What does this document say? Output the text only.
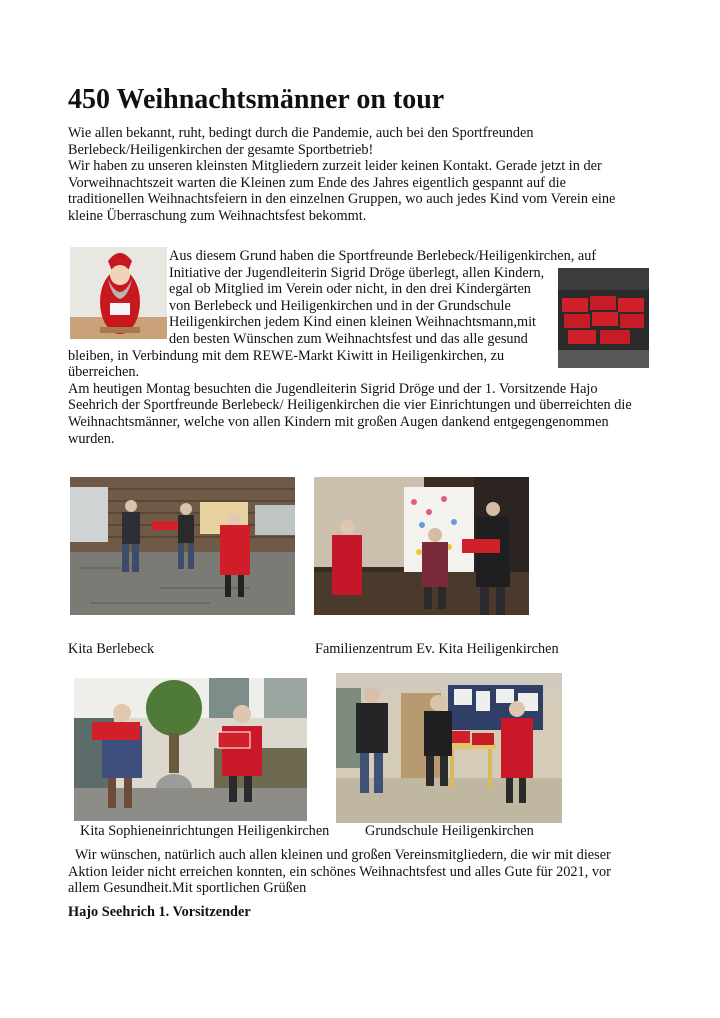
450 Weihnachtsmänner on tour
Wie allen bekannt, ruht, bedingt durch die Pandemie, auch bei den Sportfreunden
Berlebeck/Heiligenkirchen der gesamte Sportbetrieb!
Wir haben zu unseren kleinsten Mitgliedern zurzeit leider keinen Kontakt. Gerade jetzt in der
Vorweihnachtszeit warten die Kleinen zum Ende des Jahres eigentlich gespannt auf die
traditionellen Weihnachtsfeiern in den einzelnen Gruppen, wo auch jedes Kind vom Verein eine
kleine Überraschung zum Weihnachtsfest bekommt.
Aus diesem Grund haben die Sportfreunde Berlebeck/Heiligenkirchen, auf
Initiative der Jugendleiterin Sigrid Dröge überlegt, allen Kindern,
egal ob Mitglied im Verein oder nicht, in den drei Kindergärten
von Berlebeck und Heiligenkirchen und in der Grundschule
Heiligenkirchen jedem Kind einen kleinen Weihnachtsmann,mit
den besten Wünschen zum Weihnachtsfest und das alle gesund
bleiben, in Verbindung mit dem REWE-Markt Kiwitt in Heiligenkirchen, zu
überreichen.
Am heutigen Montag besuchten die Jugendleiterin Sigrid Dröge und der 1. Vorsitzende Hajo
Seehrich der Sportfreunde Berlebeck/ Heiligenkirchen die vier Einrichtungen und überreichten die
Weihnachtsmänner, welche von allen Kindern mit großen Augen dankend entgegengenommen
wurden.
Kita Berlebeck	Familienzentrum Ev. Kita Heiligenkirchen
Kita Sophieneinrichtungen Heiligenkirchen Grundschule Heiligenkirchen
Wir wünschen, natürlich auch allen kleinen und großen Vereinsmitgliedern, die wir mit dieser
Aktion leider nicht erreichen konnten, ein schönes Weihnachtsfest und alles Gute für 2021, vor
allem Gesundheit.Mit sportlichen Grüßen
Hajo Seehrich 1. Vorsitzender
